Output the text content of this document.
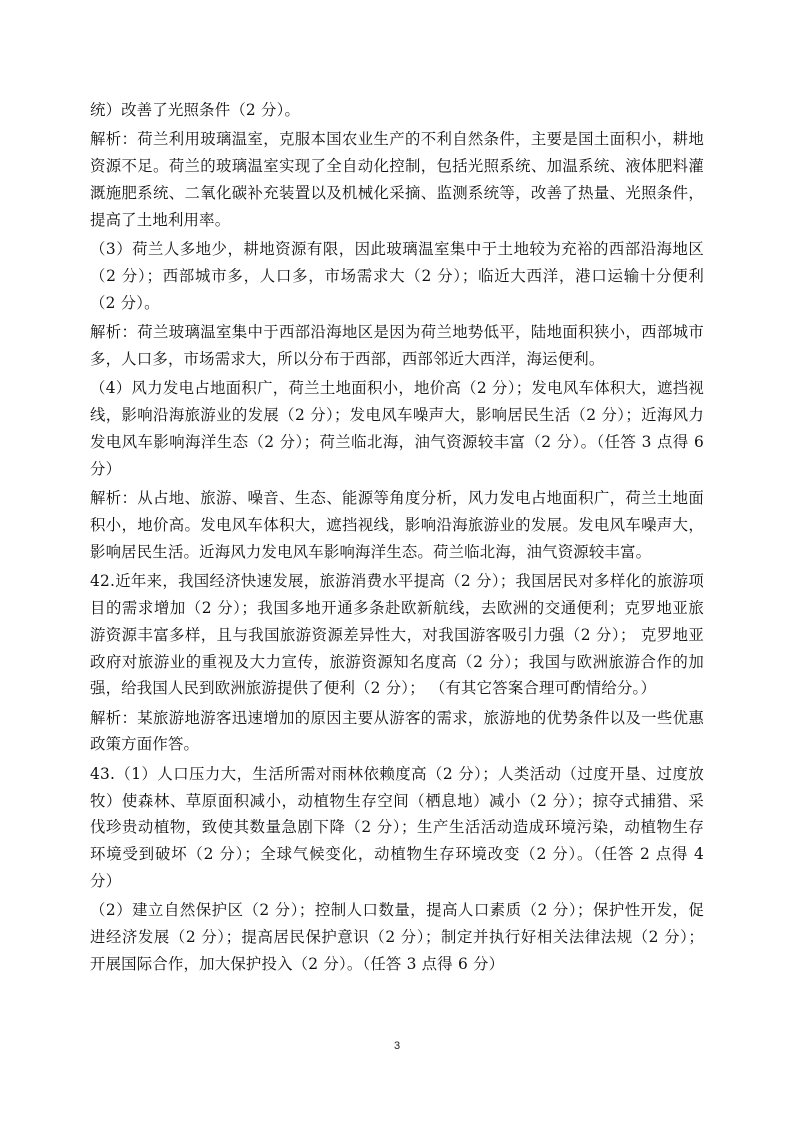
统）改善了光照条件（2 分）。

解析：荷兰利用玻璃温室，克服本国农业生产的不利自然条件，主要是国土面积小，耕地资源不足。荷兰的玻璃温室实现了全自动化控制，包括光照系统、加温系统、液体肥料灌溉施肥系统、二氧化碳补充装置以及机械化采摘、监测系统等，改善了热量、光照条件，提高了土地利用率。

（3）荷兰人多地少，耕地资源有限，因此玻璃温室集中于土地较为充裕的西部沿海地区（2 分）；西部城市多，人口多，市场需求大（2 分）；临近大西洋，港口运输十分便利（2 分）。

解析：荷兰玻璃温室集中于西部沿海地区是因为荷兰地势低平，陆地面积狭小，西部城市多，人口多，市场需求大，所以分布于西部，西部邻近大西洋，海运便利。

（4）风力发电占地面积广，荷兰土地面积小，地价高（2 分）；发电风车体积大，遮挡视线，影响沿海旅游业的发展（2 分）；发电风车噪声大，影响居民生活（2 分）；近海风力发电风车影响海洋生态（2 分）；荷兰临北海，油气资源较丰富（2 分）。（任答 3 点得 6 分）

解析：从占地、旅游、噪音、生态、能源等角度分析，风力发电占地面积广，荷兰土地面积小，地价高。发电风车体积大，遮挡视线，影响沿海旅游业的发展。发电风车噪声大，影响居民生活。近海风力发电风车影响海洋生态。荷兰临北海，油气资源较丰富。

42.近年来，我国经济快速发展，旅游消费水平提高（2 分）；我国居民对多样化的旅游项目的需求增加（2 分）；我国多地开通多条赴欧新航线，去欧洲的交通便利；克罗地亚旅游资源丰富多样，且与我国旅游资源差异性大，对我国游客吸引力强（2 分）； 克罗地亚政府对旅游业的重视及大力宣传，旅游资源知名度高（2 分）；我国与欧洲旅游合作的加强，给我国人民到欧洲旅游提供了便利（2 分）； （有其它答案合理可酌情给分。）

解析：某旅游地游客迅速增加的原因主要从游客的需求，旅游地的优势条件以及一些优惠政策方面作答。

43.（1）人口压力大，生活所需对雨林依赖度高（2 分）；人类活动（过度开垦、过度放牧）使森林、草原面积减小，动植物生存空间（栖息地）减小（2 分）；掠夺式捕猎、采伐珍贵动植物，致使其数量急剧下降（2 分）；生产生活活动造成环境污染，动植物生存环境受到破坏（2 分）；全球气候变化，动植物生存环境改变（2 分）。（任答 2 点得 4 分）

（2）建立自然保护区（2 分）；控制人口数量，提高人口素质（2 分）；保护性开发，促进经济发展（2 分）；提高居民保护意识（2 分）；制定并执行好相关法律法规（2 分）；开展国际合作，加大保护投入（2 分）。（任答 3 点得 6 分）

3
